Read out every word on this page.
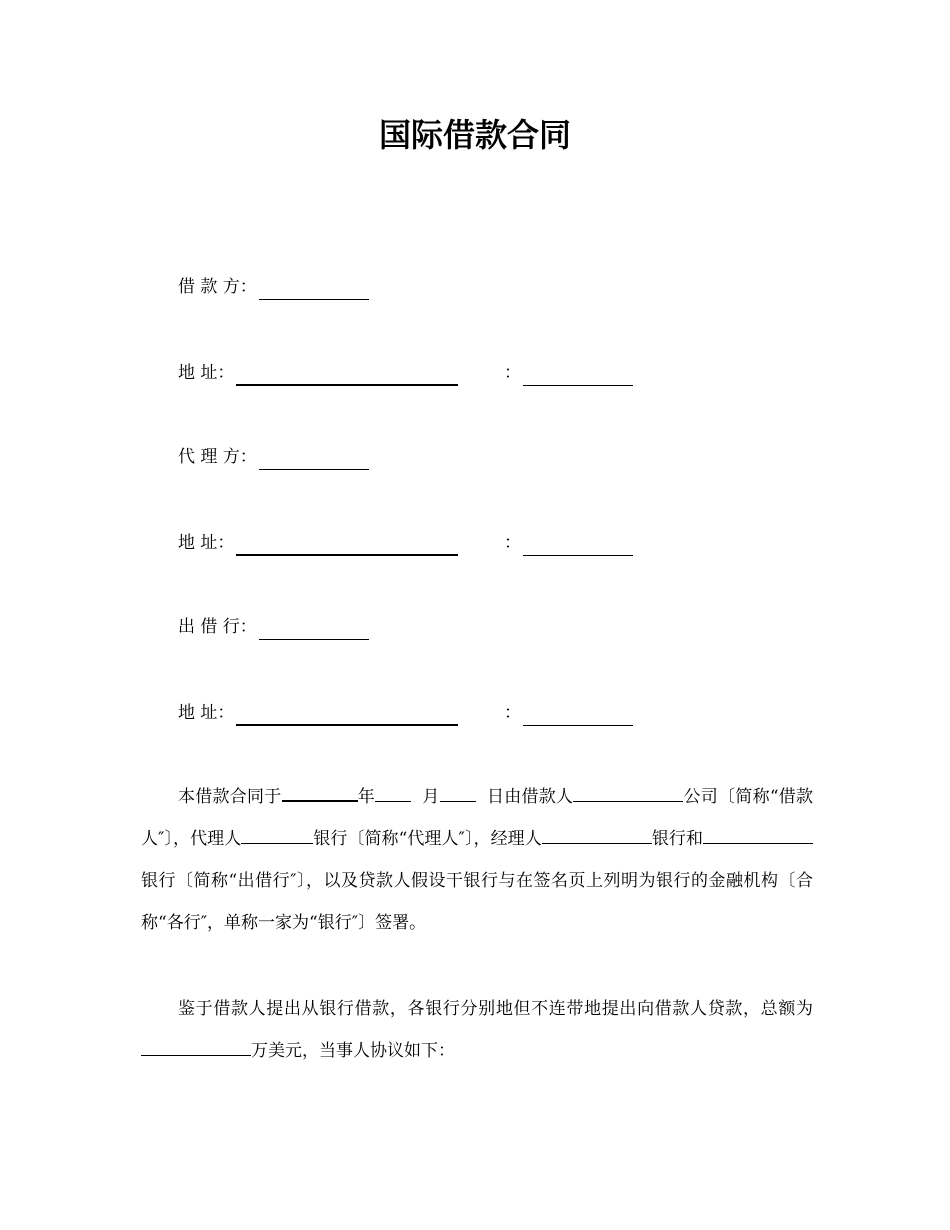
国际借款合同
借 款 方：
地 址：	：
代 理 方：
地 址：	：
出 借 行：
地 址：	：

本借款合同于	年	月	日由借款人	公司〔简称“借款人″〕，代理人	银行〔简称“代理人″〕，经理人	银行和银行〔简称“出借行″〕，以及贷款人假设干银行与在签名页上列明为银行的金融机构〔合称“各行″，单称一家为“银行″〕签署。

鉴于借款人提出从银行借款，各银行分别地但不连带地提出向借款人贷款，总额为万美元，当事人协议如下：
